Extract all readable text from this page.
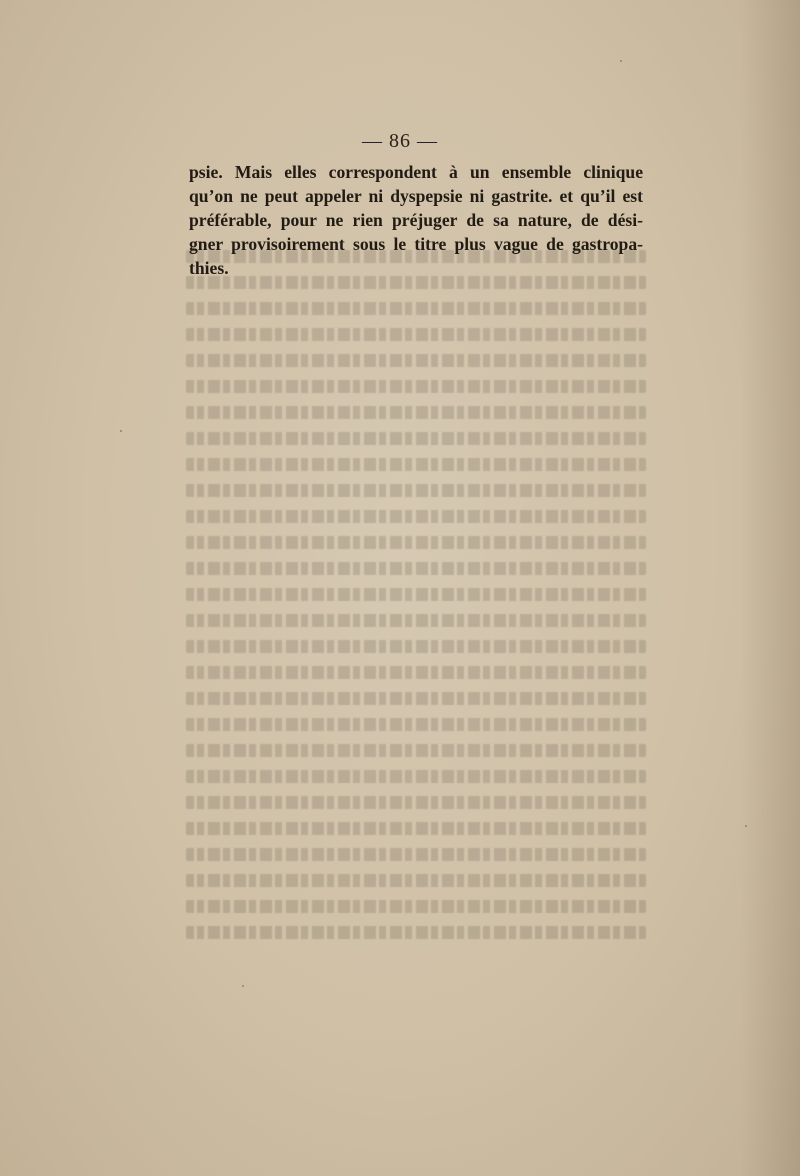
— 86 —
psie. Mais elles correspondent à un ensemble clinique
qu’on ne peut appeler ni dyspepsie ni gastrite. et qu’il est
préférable, pour ne rien préjuger de sa nature, de dési-
gner provisoirement sous le titre plus vague de gastropa-
thies.
